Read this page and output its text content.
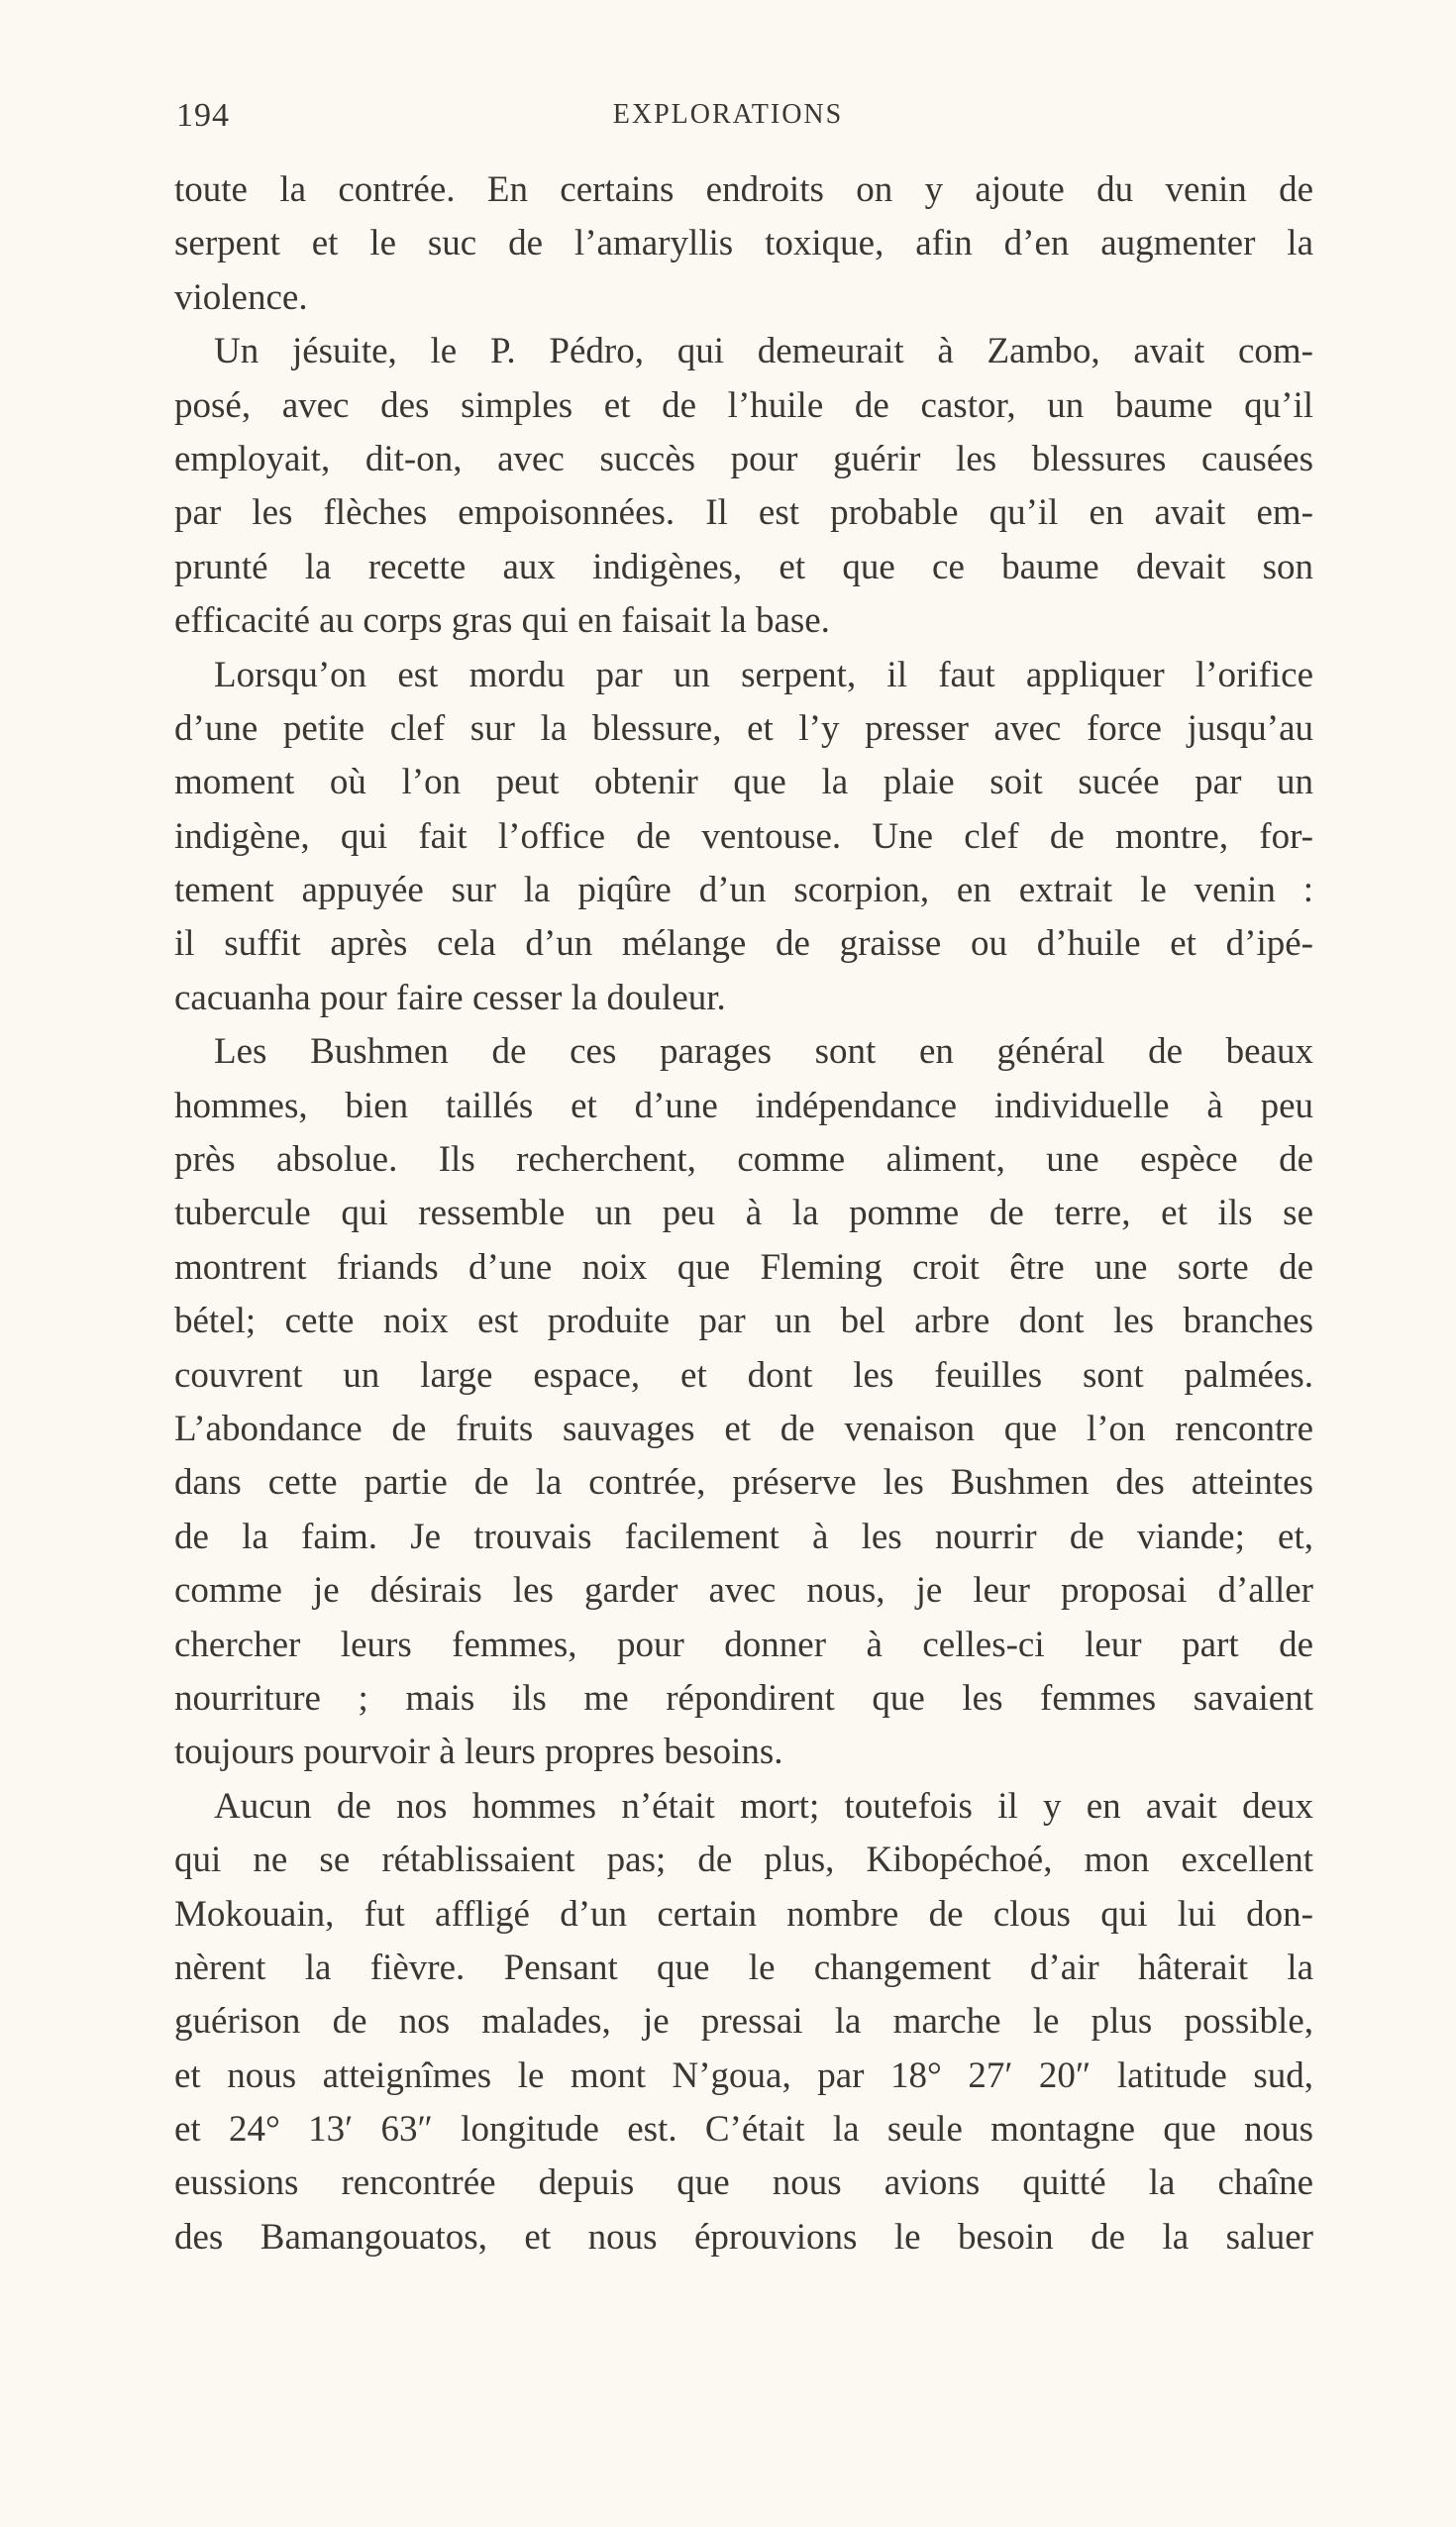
194	EXPLORATIONS
toute la contrée. En certains endroits on y ajoute du venin de
serpent et le suc de l’amaryllis toxique, afin d’en augmenter la
violence.
Un jésuite, le P. Pédro, qui demeurait à Zambo, avait com-
posé, avec des simples et de l’huile de castor, un baume qu’il
employait, dit-on, avec succès pour guérir les blessures causées
par les flèches empoisonnées. Il est probable qu’il en avait em-
prunté la recette aux indigènes, et que ce baume devait son
efficacité au corps gras qui en faisait la base.
Lorsqu’on est mordu par un serpent, il faut appliquer l’orifice
d’une petite clef sur la blessure, et l’y presser avec force jusqu’au
moment où l’on peut obtenir que la plaie soit sucée par un
indigène, qui fait l’office de ventouse. Une clef de montre, for-
tement appuyée sur la piqûre d’un scorpion, en extrait le venin :
il suffit après cela d’un mélange de graisse ou d’huile et d’ipé-
cacuanha pour faire cesser la douleur.
Les Bushmen de ces parages sont en général de beaux
hommes, bien taillés et d’une indépendance individuelle à peu
près absolue. Ils recherchent, comme aliment, une espèce de
tubercule qui ressemble un peu à la pomme de terre, et ils se
montrent friands d’une noix que Fleming croit être une sorte de
bétel; cette noix est produite par un bel arbre dont les branches
couvrent un large espace, et dont les feuilles sont palmées.
L’abondance de fruits sauvages et de venaison que l’on rencontre
dans cette partie de la contrée, préserve les Bushmen des atteintes
de la faim. Je trouvais facilement à les nourrir de viande; et,
comme je désirais les garder avec nous, je leur proposai d’aller
chercher leurs femmes, pour donner à celles-ci leur part de
nourriture ; mais ils me répondirent que les femmes savaient
toujours pourvoir à leurs propres besoins.
Aucun de nos hommes n’était mort; toutefois il y en avait deux
qui ne se rétablissaient pas; de plus, Kibopéchoé, mon excellent
Mokouain, fut affligé d’un certain nombre de clous qui lui don-
nèrent la fièvre. Pensant que le changement d’air hâterait la
guérison de nos malades, je pressai la marche le plus possible,
et nous atteignîmes le mont N’goua, par 18° 27′ 20″ latitude sud,
et 24° 13′ 63″ longitude est. C’était la seule montagne que nous
eussions rencontrée depuis que nous avions quitté la chaîne
des Bamangouatos, et nous éprouvions le besoin de la saluer
